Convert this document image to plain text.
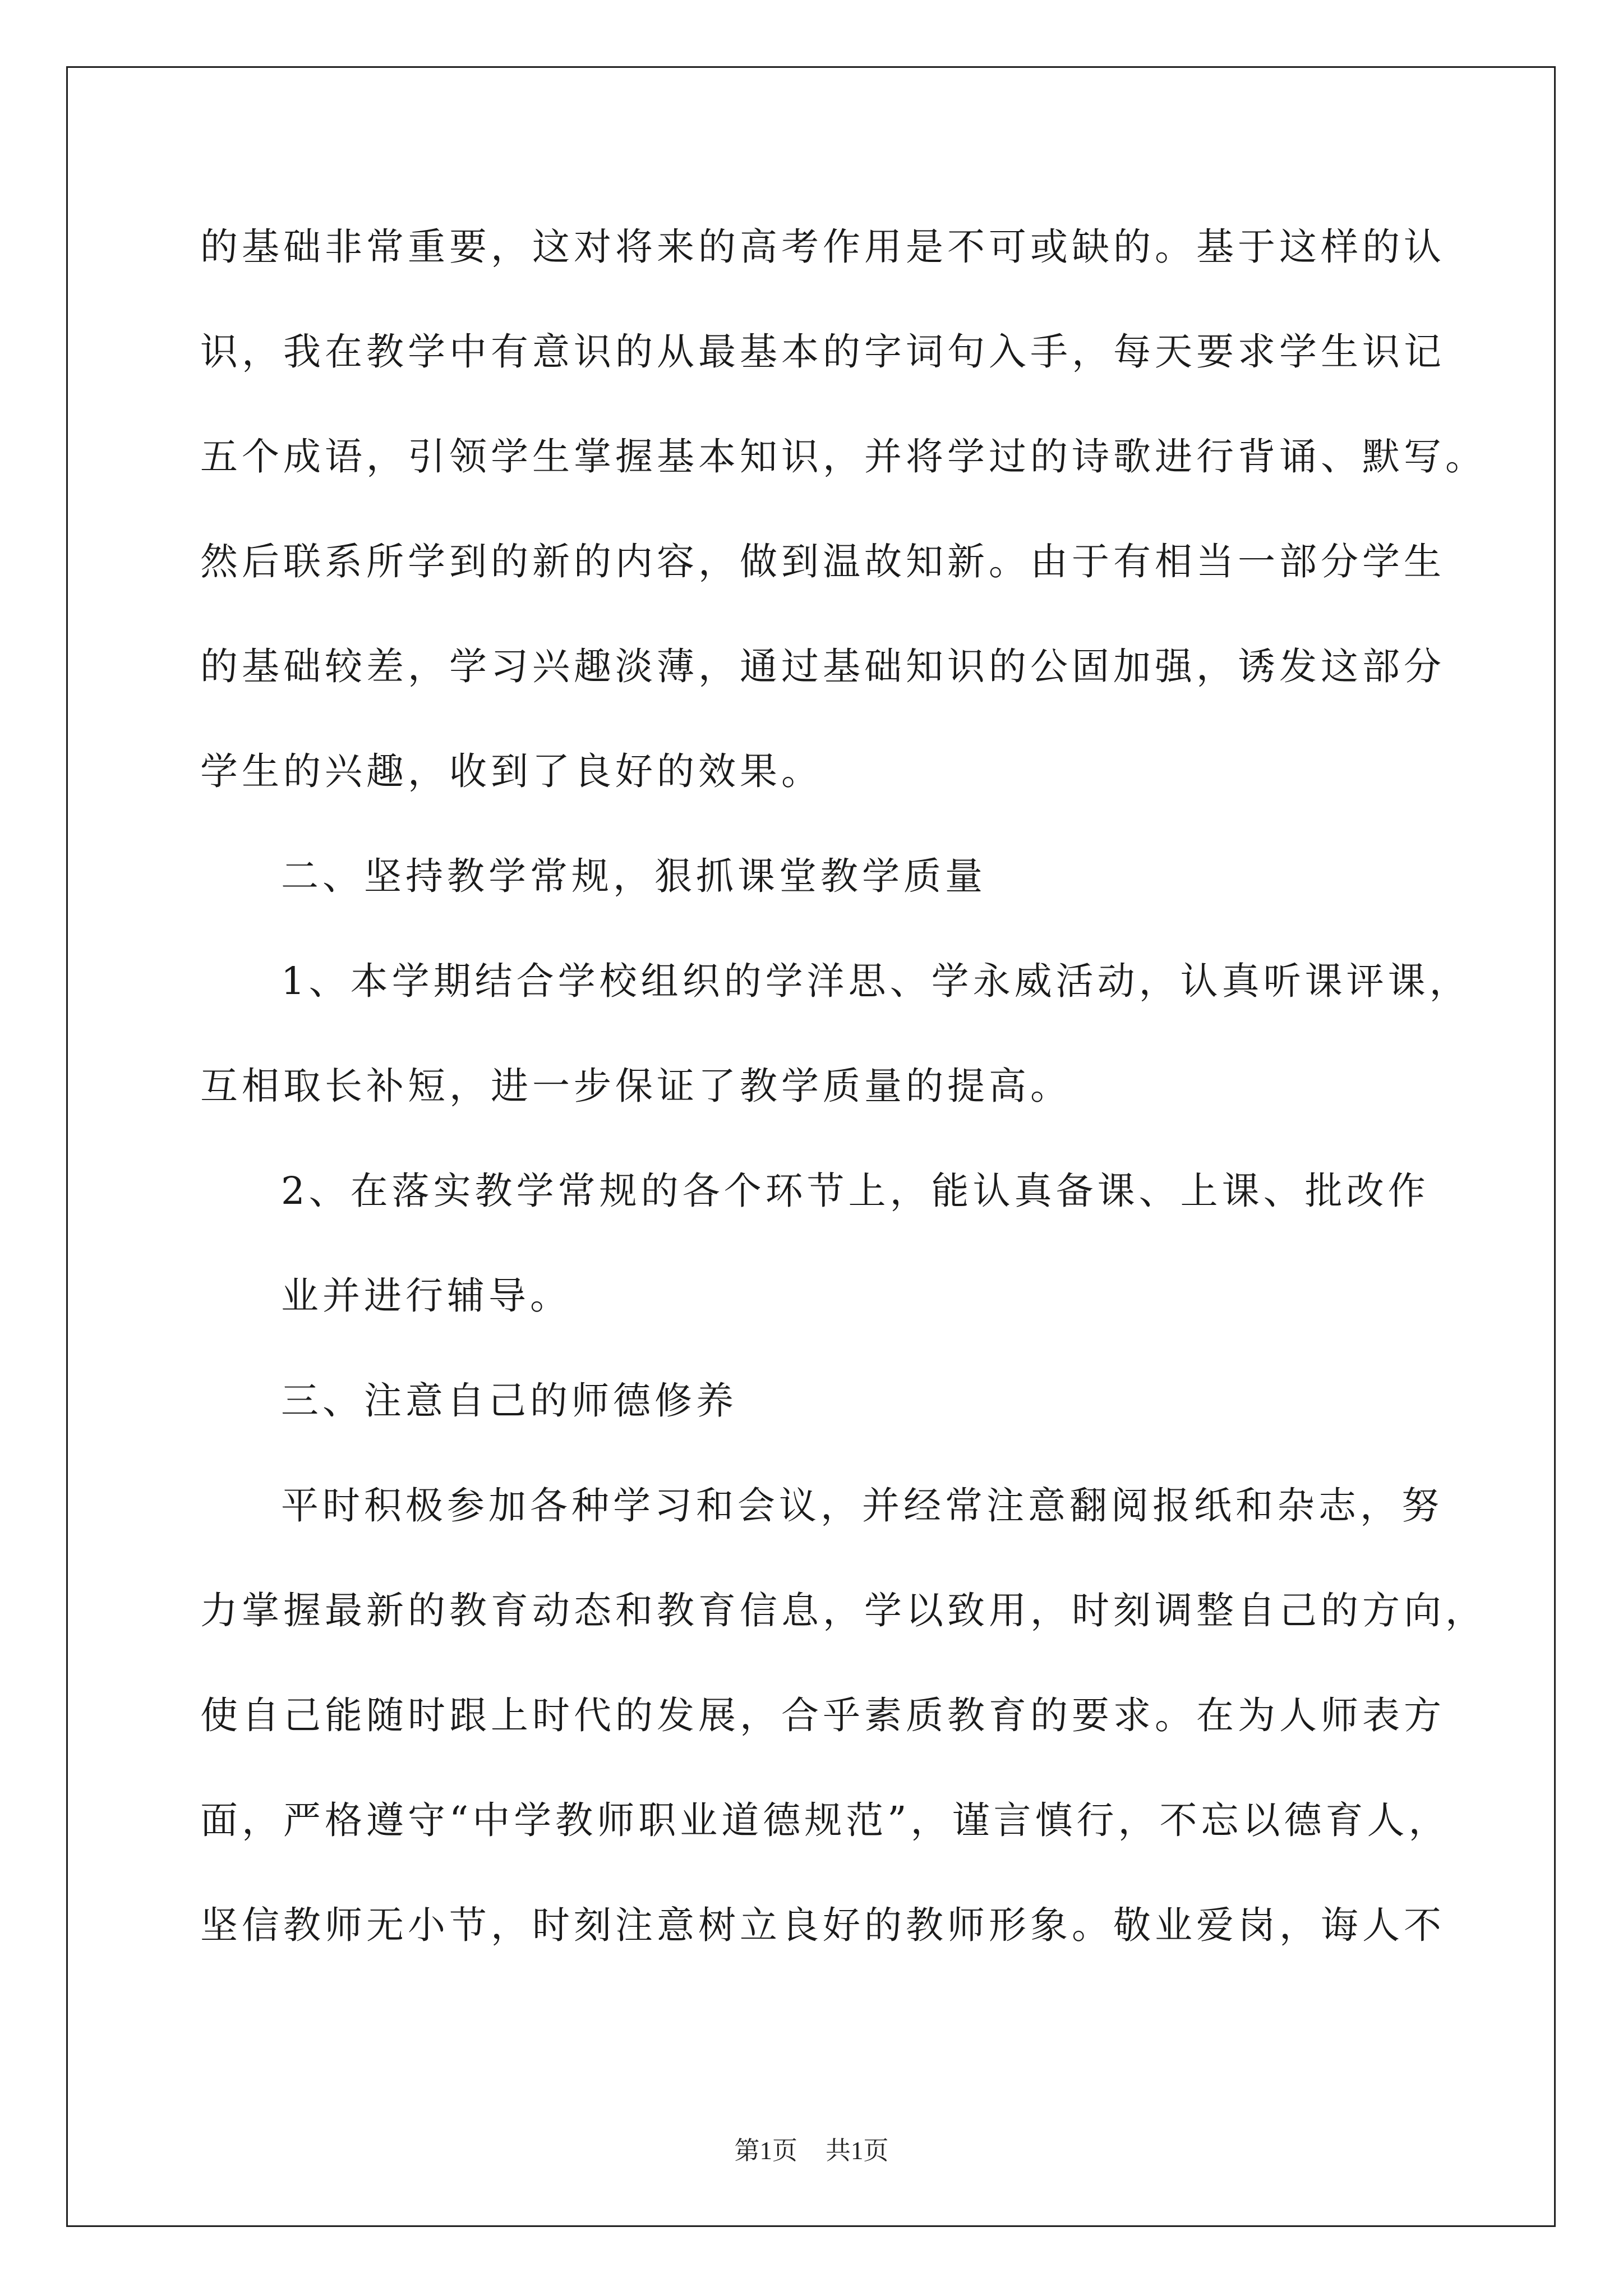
的基础非常重要，这对将来的高考作用是不可或缺的。基于这样的认
识，我在教学中有意识的从最基本的字词句入手，每天要求学生识记
五个成语，引领学生掌握基本知识，并将学过的诗歌进行背诵、默写。
然后联系所学到的新的内容，做到温故知新。由于有相当一部分学生
的基础较差，学习兴趣淡薄，通过基础知识的公固加强，诱发这部分
学生的兴趣，收到了良好的效果。
二、坚持教学常规，狠抓课堂教学质量
1、本学期结合学校组织的学洋思、学永威活动，认真听课评课，
互相取长补短，进一步保证了教学质量的提高。
2、在落实教学常规的各个环节上，能认真备课、上课、批改作
业并进行辅导。
三、注意自己的师德修养
平时积极参加各种学习和会议，并经常注意翻阅报纸和杂志，努
力掌握最新的教育动态和教育信息，学以致用，时刻调整自己的方向，
使自己能随时跟上时代的发展，合乎素质教育的要求。在为人师表方
面，严格遵守“中学教师职业道德规范”，谨言慎行，不忘以德育人，
坚信教师无小节，时刻注意树立良好的教师形象。敬业爱岗，诲人不
第1页 共1页
